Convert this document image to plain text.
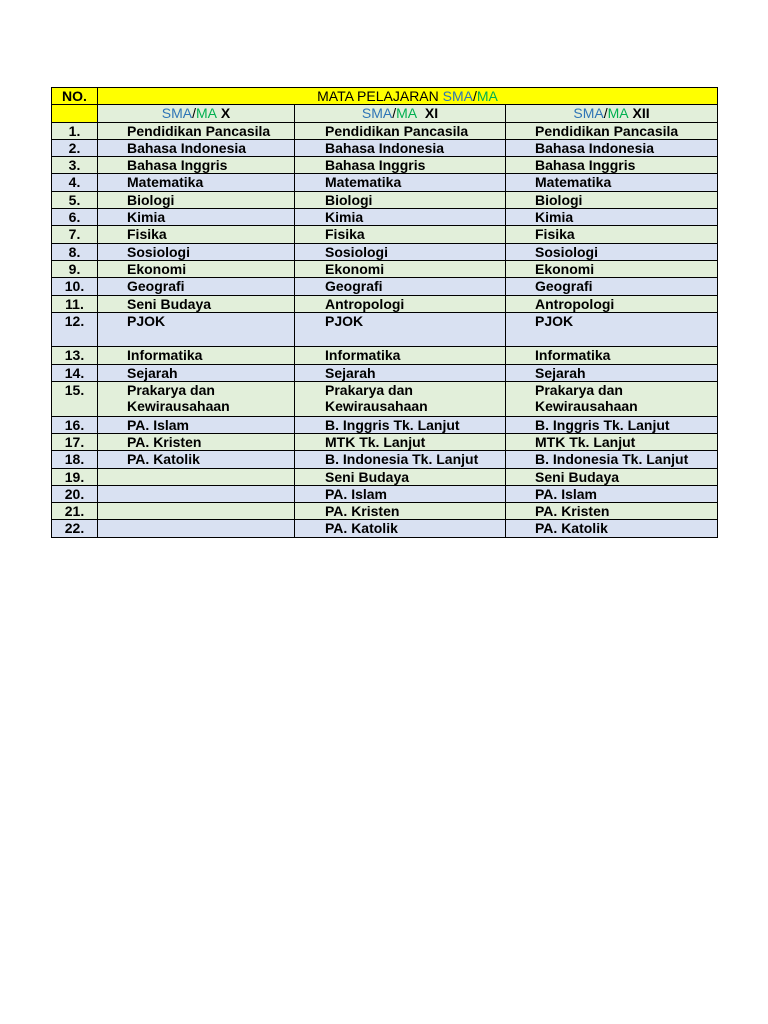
NO.	MATA PELAJARAN SMA/MA		
	SMA/MA X	SMA/MA  XI	SMA/MA XII
1.	Pendidikan Pancasila	Pendidikan Pancasila	Pendidikan Pancasila
2.	Bahasa Indonesia	Bahasa Indonesia	Bahasa Indonesia
3.	Bahasa Inggris	Bahasa Inggris	Bahasa Inggris
4.	Matematika	Matematika	Matematika
5.	Biologi	Biologi	Biologi
6.	Kimia	Kimia	Kimia
7.	Fisika	Fisika	Fisika
8.	Sosiologi	Sosiologi	Sosiologi
9.	Ekonomi	Ekonomi	Ekonomi
10.	Geografi	Geografi	Geografi
11.	Seni Budaya	Antropologi	Antropologi
12.	PJOK	PJOK	PJOK
13.	Informatika	Informatika	Informatika
14.	Sejarah	Sejarah	Sejarah
15.	Prakarya dan Kewirausahaan	Prakarya dan Kewirausahaan	Prakarya dan Kewirausahaan
16.	PA. Islam	B. Inggris Tk. Lanjut	B. Inggris Tk. Lanjut
17.	PA. Kristen	MTK Tk. Lanjut	MTK Tk. Lanjut
18.	PA. Katolik	B. Indonesia Tk. Lanjut	B. Indonesia Tk. Lanjut
19.		Seni Budaya	Seni Budaya
20.		PA. Islam	PA. Islam
21.		PA. Kristen	PA. Kristen
22.		PA. Katolik	PA. Katolik
